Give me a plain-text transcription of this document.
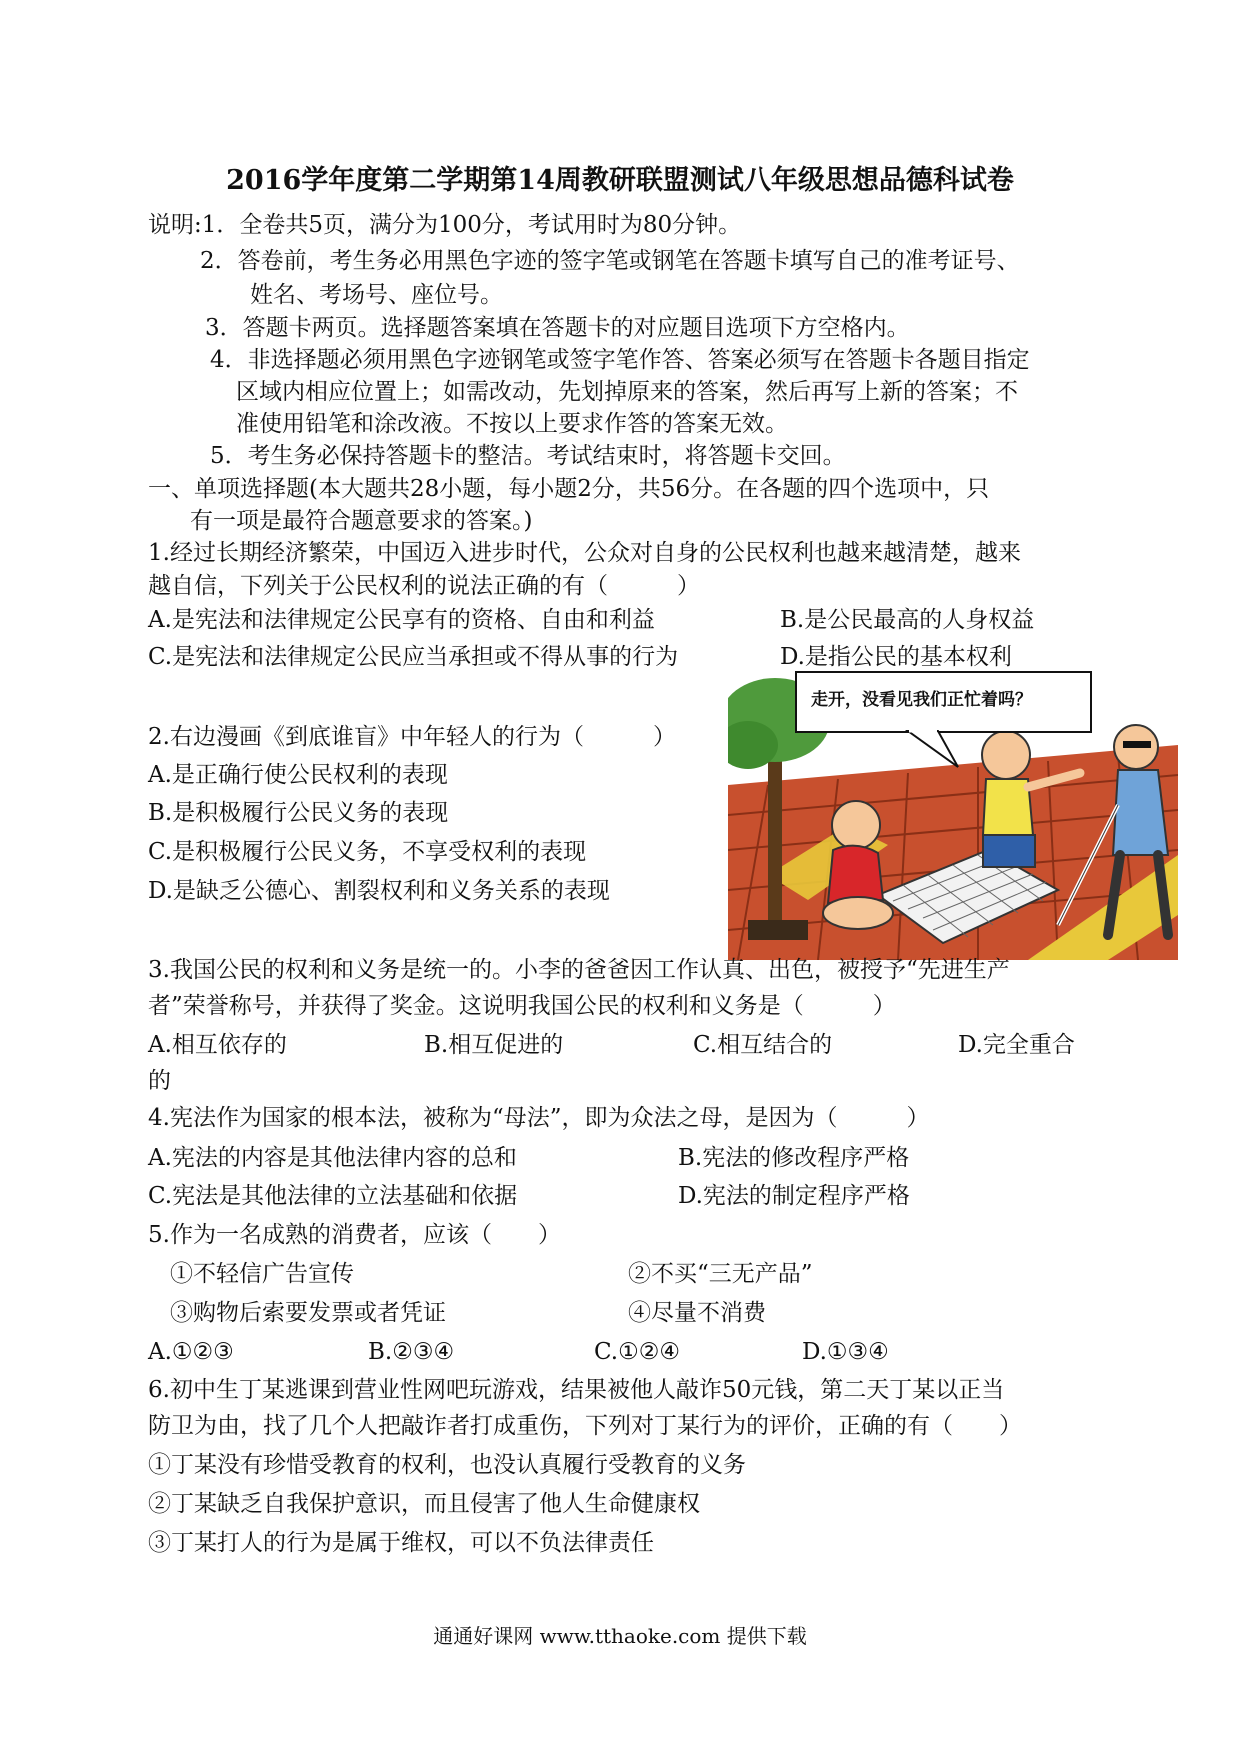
2016学年度第二学期第14周教研联盟测试八年级思想品德科试卷
说明:1．全卷共5页，满分为100分，考试用时为80分钟。
2．答卷前，考生务必用黑色字迹的签字笔或钢笔在答题卡填写自己的准考证号、
姓名、考场号、座位号。
3．答题卡两页。选择题答案填在答题卡的对应题目选项下方空格内。
4．非选择题必须用黑色字迹钢笔或签字笔作答、答案必须写在答题卡各题目指定
区域内相应位置上；如需改动，先划掉原来的答案，然后再写上新的答案；不
准使用铅笔和涂改液。不按以上要求作答的答案无效。
5．考生务必保持答题卡的整洁。考试结束时，将答题卡交回。
一、单项选择题(本大题共28小题，每小题2分，共56分。在各题的四个选项中，只
有一项是最符合题意要求的答案。)
1.经过长期经济繁荣，中国迈入进步时代，公众对自身的公民权利也越来越清楚，越来
越自信，下列关于公民权利的说法正确的有（　　　）
A.是宪法和法律规定公民享有的资格、自由和利益	B.是公民最高的人身权益
C.是宪法和法律规定公民应当承担或不得从事的行为	D.是指公民的基本权利
2.右边漫画《到底谁盲》中年轻人的行为（　　　）
A.是正确行使公民权利的表现
B.是积极履行公民义务的表现
C.是积极履行公民义务，不享受权利的表现
D.是缺乏公德心、割裂权利和义务关系的表现
走开，没看见我们正忙着吗？
3.我国公民的权利和义务是统一的。小李的爸爸因工作认真、出色，被授予“先进生产
者”荣誉称号，并获得了奖金。这说明我国公民的权利和义务是（　　　）
A.相互依存的	B.相互促进的	C.相互结合的	D.完全重合
的
4.宪法作为国家的根本法，被称为“母法”，即为众法之母，是因为（　　　）
A.宪法的内容是其他法律内容的总和	B.宪法的修改程序严格
C.宪法是其他法律的立法基础和依据	D.宪法的制定程序严格
5.作为一名成熟的消费者，应该（　　）
①不轻信广告宣传	②不买“三无产品”
③购物后索要发票或者凭证	④尽量不消费
A.①②③	B.②③④	C.①②④	D.①③④
6.初中生丁某逃课到营业性网吧玩游戏，结果被他人敲诈50元钱，第二天丁某以正当
防卫为由，找了几个人把敲诈者打成重伤，下列对丁某行为的评价，正确的有（　　）
①丁某没有珍惜受教育的权利，也没认真履行受教育的义务
②丁某缺乏自我保护意识，而且侵害了他人生命健康权
③丁某打人的行为是属于维权，可以不负法律责任
通通好课网 www.tthaoke.com 提供下载
